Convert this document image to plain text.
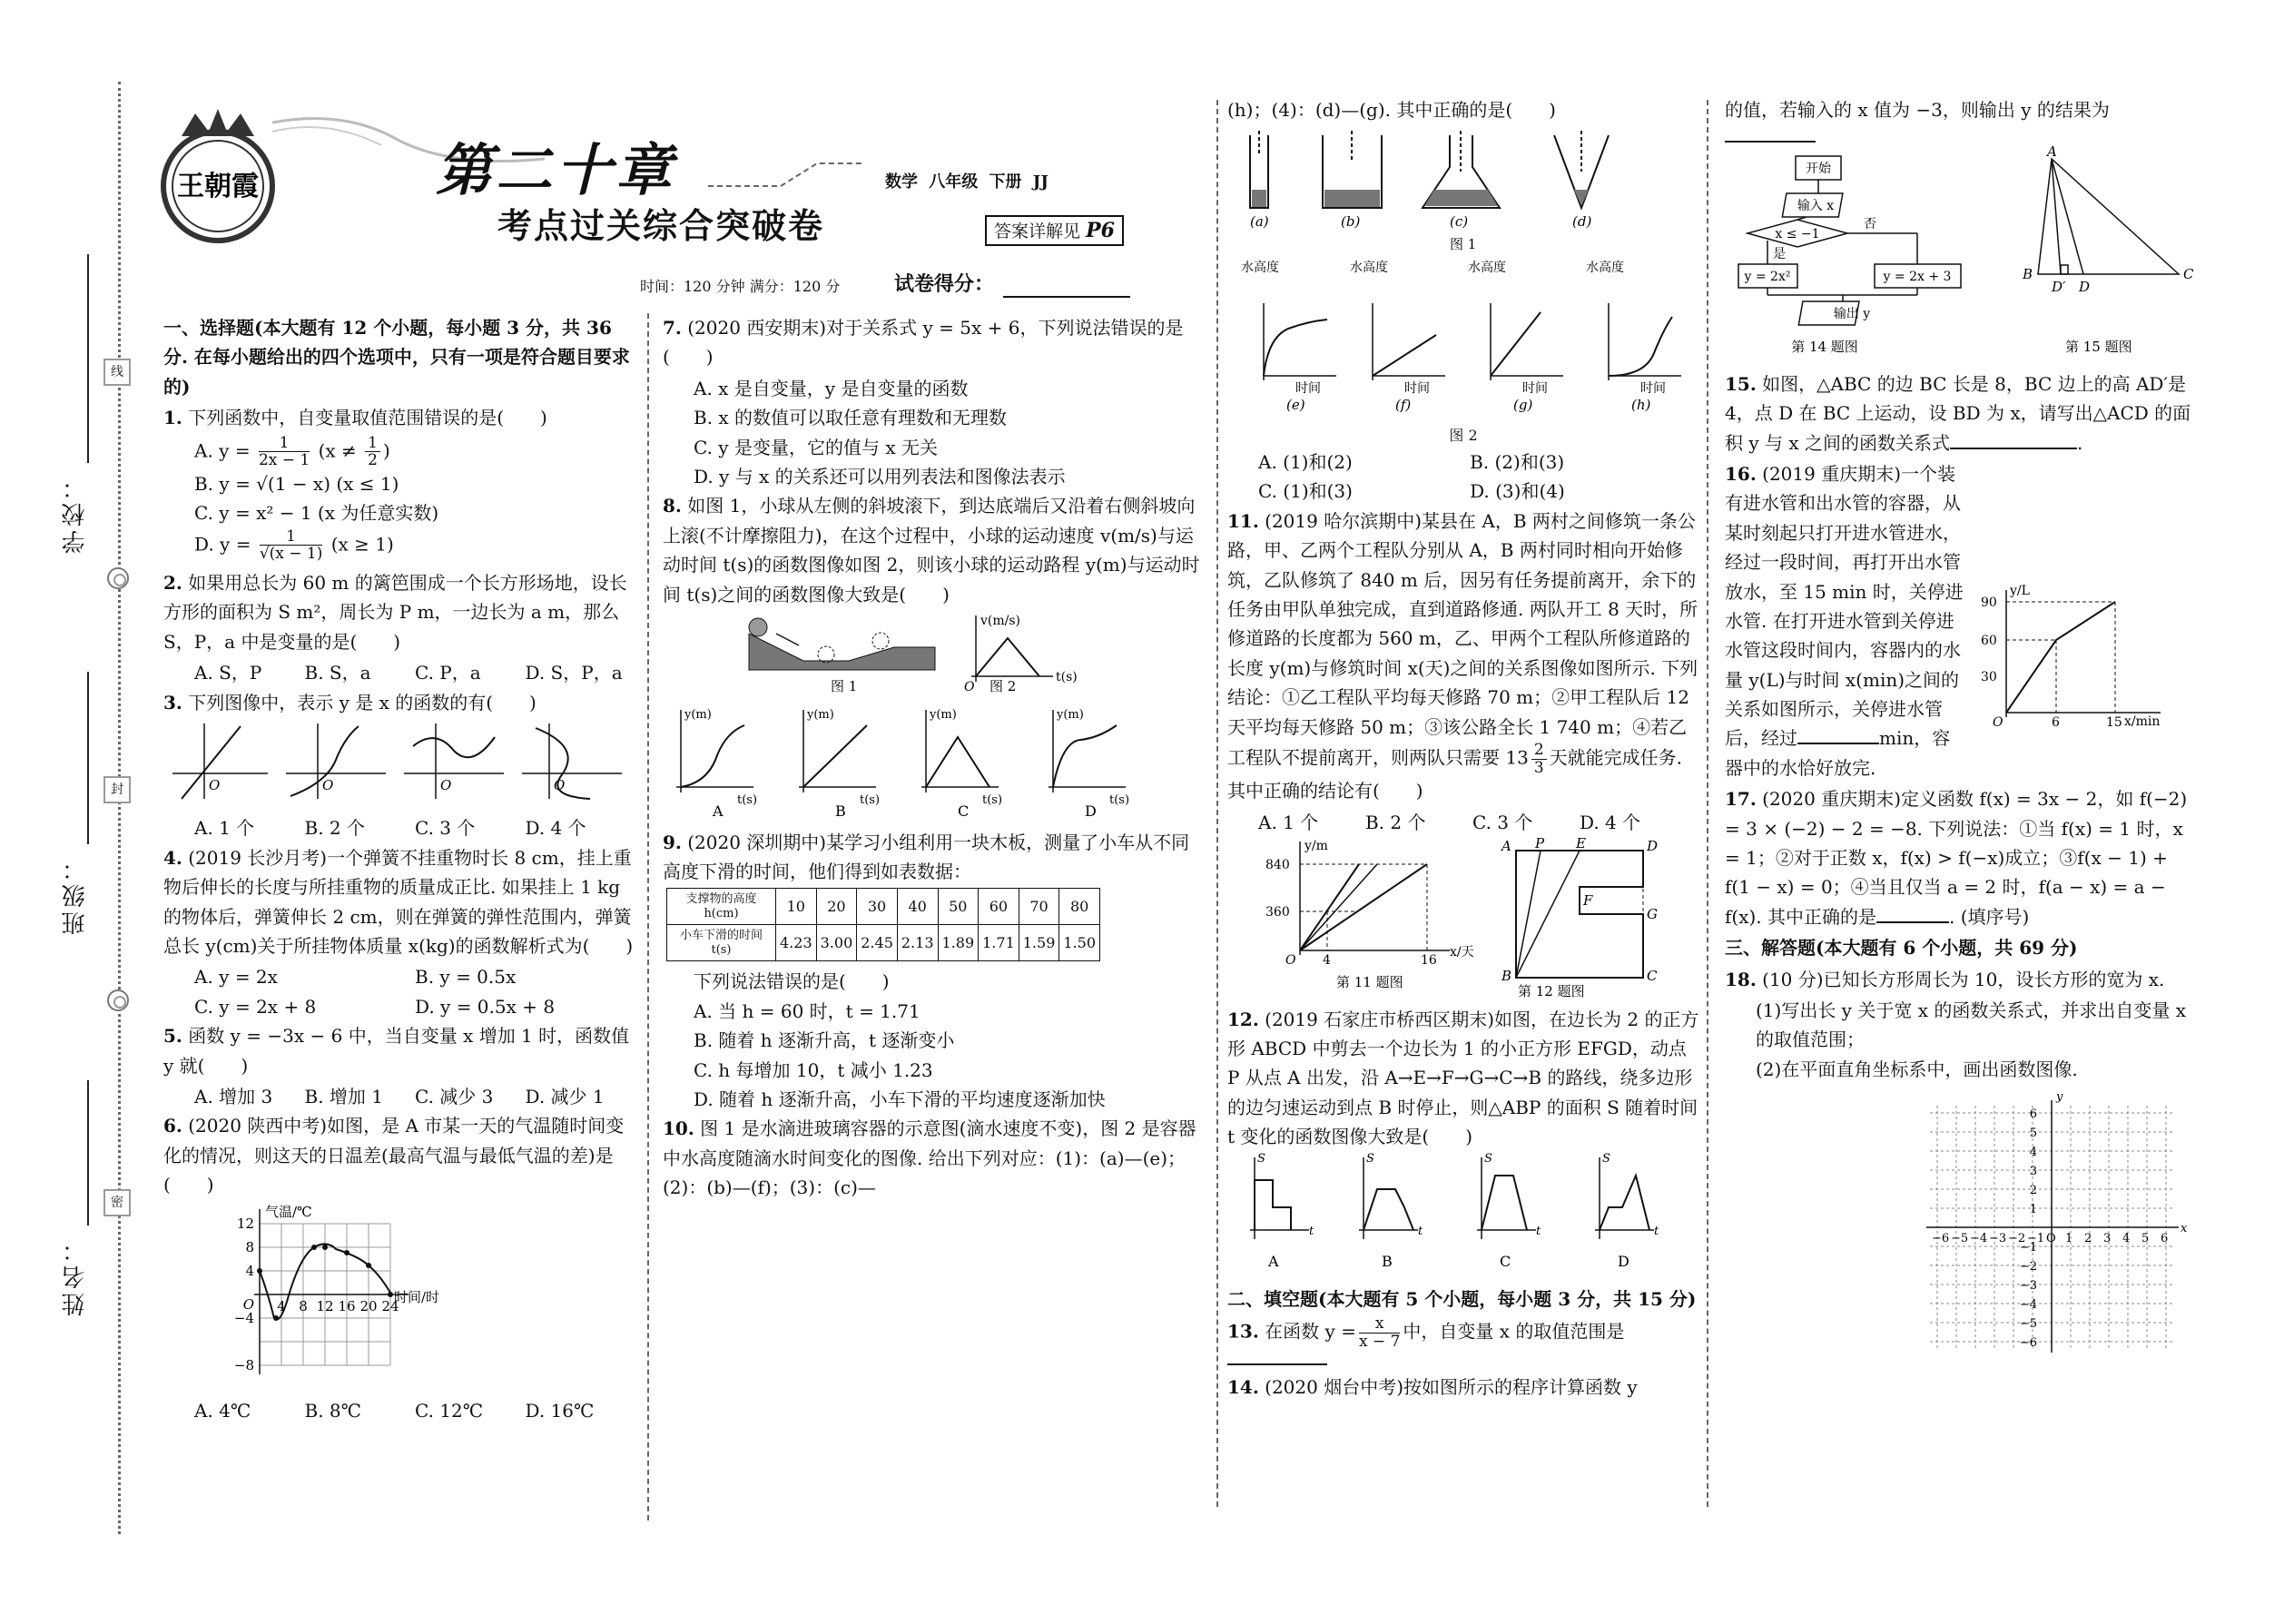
姓名：
班级：
学校：
线
封
密
王朝霞	第二十章
考点过关综合突破卷
数学 八年级 下册 JJ
答案详解见 P6
时间：120 分钟 满分：120 分	试卷得分：
一、选择题(本大题有 12 个小题，每小题 3 分，共 36 分. 在每小题给出的四个选项中，只有一项是符合题目要求的)
1. 下列函数中，自变量取值范围错误的是(　　)
A. $y = \frac{1}{2x - 1} (x \ne \frac{1}{2}$ )
B. y = √(1 − x) (x ≤ 1)
C. y = x² − 1 (x 为任意实数)
D. $y = \frac{1}{√(x - 1)} (x \ge 1)$
2. 如果用总长为 60 m 的篱笆围成一个长方形场地，设长方形的面积为 S m²，周长为 P m，一边长为 a m，那么 S，P，a 中是变量的是(　　)
A. S，P	B. S，a	C. P，a	D. S，P，a
3. 下列图像中，表示 y 是 x 的函数的有(　　)
O	O	O	O
A. 1 个	B. 2 个	C. 3 个	D. 4 个
4. (2019 长沙月考)一个弹簧不挂重物时长 8 cm，挂上重物后伸长的长度与所挂重物的质量成正比. 如果挂上 1 kg 的物体后，弹簧伸长 2 cm，则在弹簧的弹性范围内，弹簧总长 y(cm)关于所挂物体质量 x(kg)的函数解析式为(　　)
A. y = 2x	B. y = 0.5x
C. y = 2x + 8	D. y = 0.5x + 8
5. 函数 y = −3x − 6 中，当自变量 x 增加 1 时，函数值 y 就(　　)
A. 增加 3	B. 增加 1	C. 减少 3	D. 减少 1
6. (2020 陕西中考)如图，是 A 市某一天的气温随时间变化的情况，则这天的日温差(最高气温与最低气温的差)是(　　)
气温/℃
时间/时
12
8
4
O
−4
−8
4 8 12 16 20 24
A. 4℃	B. 8℃	C. 12℃	D. 16℃
7. (2020 西安期末)对于关系式 y = 5x + 6，下列说法错误的是(　　)
A. x 是自变量，y 是自变量的函数
B. x 的数值可以取任意有理数和无理数
C. y 是变量，它的值与 x 无关
D. y 与 x 的关系还可以用列表法和图像法表示
8. 如图 1，小球从左侧的斜坡滚下，到达底端后又沿着右侧斜坡向上滚(不计摩擦阻力)，在这个过程中，小球的运动速度 v(m/s)与运动时间 t(s)的函数图像如图 2，则该小球的运动路程 y(m)与运动时间 t(s)之间的函数图像大致是(　　)
图 1
v(m/s)
t(s)
O 图 2

y(m)
t(s)
y(m)
t(s)
y(m)
t(s)
y(m)
t(s)
A	B	C	D
9. (2020 深圳期中)某学习小组利用一块木板，测量了小车从不同高度下滑的时间，他们得到如表数据：
支撑物的高度h(cm)	10	20	30	40	50	60	70	80
小车下滑的时间t(s)	4.23	3.00	2.45	2.13	1.89	1.71	1.59	1.50
下列说法错误的是(　　)
A. 当 h = 60 时，t = 1.71
B. 随着 h 逐渐升高，t 逐渐变小
C. h 每增加 10，t 减小 1.23
D. 随着 h 逐渐升高，小车下滑的平均速度逐渐加快
10. 图 1 是水滴进玻璃容器的示意图(滴水速度不变)，图 2 是容器中水高度随滴水时间变化的图像. 给出下列对应：(1)：(a)—(e)；(2)：(b)—(f)；(3)：(c)—
(h)；(4)：(d)—(g). 其中正确的是(　　)
(a)	(b)	(c)	(d)
图 1

水高度	水高度	水高度	水高度
时间	时间	时间	时间
(e)	(f)	(g)	(h)
图 2
A. (1)和(2)	B. (2)和(3)
C. (1)和(3)	D. (3)和(4)
11. (2019 哈尔滨期中)某县在 A，B 两村之间修筑一条公路，甲、乙两个工程队分别从 A，B 两村同时相向开始修筑，乙队修筑了 840 m 后，因另有任务提前离开，余下的任务由甲队单独完成，直到道路修通. 两队开工 8 天时，所修道路的长度都为 560 m，乙、甲两个工程队所修道路的长度 y(m)与修筑时间 x(天)之间的关系图像如图所示. 下列结论：①乙工程队平均每天修路 70 m；②甲工程队后 12 天平均每天修路 50 m；③该公路全长 1 740 m；④若乙工程队不提前离开，则两队只需要 $13 \frac{2}{3}$ 天就能完成任务. 其中正确的结论有(　　)
A. 1 个	B. 2 个	C. 3 个	D. 4 个
y/m
x/天
840
360
O 4	16
第 11 题图
A P E	D
F
G
B	C
第 12 题图
12. (2019 石家庄市桥西区期末)如图，在边长为 2 的正方形 ABCD 中剪去一个边长为 1 的小正方形 EFGD，动点 P 从点 A 出发，沿 A→E→F→G→C→B 的路线，绕多边形的边匀速运动到点 B 时停止，则△ABP 的面积 S 随着时间 t 变化的函数图像大致是(　　)
S
t
S
t
S
t
S
t
A	B	C	D
二、填空题(本大题有 5 个小题，每小题 3 分，共 15 分)
13. 在函数 $y = \frac{x}{x - 7}$ 中，自变量 x 的取值范围是
14. (2020 烟台中考)按如图所示的程序计算函数 y
的值，若输入的 x 值为 −3，则输出 y 的结果为
开始
输入 x
x ≤ −1
是
否
y = 2x²	y = 2x + 3
输出 y
第 14 题图
A
B
D′ D
C
第 15 题图
15. 如图，△ABC 的边 BC 长是 8，BC 边上的高 AD′是 4，点 D 在 BC 上运动，设 BD 为 x，请写出△ACD 的面积 y 与 x 之间的函数关系式	.
16. (2019 重庆期末)一个装有进水管和出水管的容器，从某时刻起只打开进水管进水，经过一段时间，再打开出水管放水，至 15 min 时，关停进水管. 在打开进水管到关停进水管这段时间内，容器内的水量 y(L)与时间 x(min)之间的关系如图所示，关停进水管后，经过	min，容器中的水恰好放完.
y/L
x/min
90
60
30
O	6	15
17. (2020 重庆期末)定义函数 f(x) = 3x − 2，如 f(−2) = 3 × (−2) − 2 = −8. 下列说法：①当 f(x) = 1 时，x = 1；②对于正数 x，f(x) > f(−x)成立；③f(x − 1) + f(1 − x) = 0；④当且仅当 a = 2 时，f(a − x) = a − f(x). 其中正确的是	. (填序号)
三、解答题(本大题有 6 个小题，共 69 分)
18. (10 分)已知长方形周长为 10，设长方形的宽为 x.
(1)写出长 y 关于宽 x 的函数关系式，并求出自变量 x 的取值范围；
(2)在平面直角坐标系中，画出函数图像.
−6 −5 −4 −3 −2 −1 O 1 2 3 4 5 6
6
5
4
3
2
1
−1
−2
−3
−4
−5
−6
x
y
